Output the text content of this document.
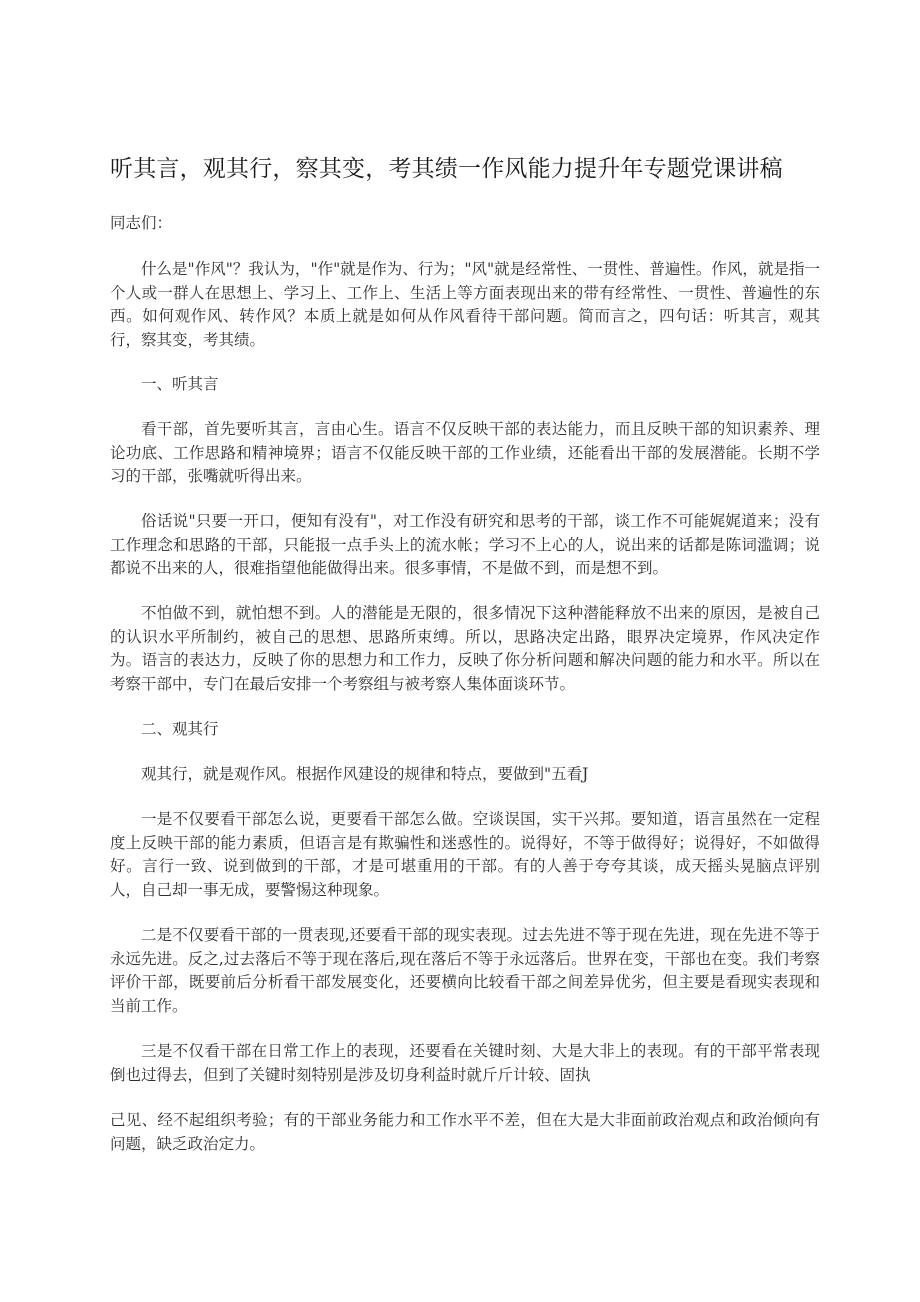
听其言，观其行，察其变，考其绩一作风能力提升年专题党课讲稿

同志们：

什么是"作风"？我认为，"作"就是作为、行为；"风"就是经常性、一贯性、普遍性。作风，就是指一个人或一群人在思想上、学习上、工作上、生活上等方面表现出来的带有经常性、一贯性、普遍性的东西。如何观作风、转作风？本质上就是如何从作风看待干部问题。简而言之，四句话：听其言，观其行，察其变，考其绩。

一、听其言

看干部，首先要听其言，言由心生。语言不仅反映干部的表达能力，而且反映干部的知识素养、理论功底、工作思路和精神境界；语言不仅能反映干部的工作业绩，还能看出干部的发展潜能。长期不学习的干部，张嘴就听得出来。

俗话说"只要一开口，便知有没有"，对工作没有研究和思考的干部，谈工作不可能娓娓道来；没有工作理念和思路的干部，只能报一点手头上的流水帐；学习不上心的人，说出来的话都是陈词滥调；说都说不出来的人，很难指望他能做得出来。很多事情，不是做不到，而是想不到。

不怕做不到，就怕想不到。人的潜能是无限的，很多情况下这种潜能释放不出来的原因，是被自己的认识水平所制约，被自己的思想、思路所束缚。所以，思路决定出路，眼界决定境界，作风决定作为。语言的表达力，反映了你的思想力和工作力，反映了你分析问题和解决问题的能力和水平。所以在考察干部中，专门在最后安排一个考察组与被考察人集体面谈环节。

二、观其行

观其行，就是观作风。根据作风建设的规律和特点，要做到"五看J

一是不仅要看干部怎么说，更要看干部怎么做。空谈误国，实干兴邦。要知道，语言虽然在一定程度上反映干部的能力素质，但语言是有欺骗性和迷惑性的。说得好，不等于做得好；说得好，不如做得好。言行一致、说到做到的干部，才是可堪重用的干部。有的人善于夸夸其谈，成天摇头晃脑点评别人，自己却一事无成，要警惕这种现象。

二是不仅要看干部的一贯表现,还要看干部的现实表现。过去先进不等于现在先进，现在先进不等于永远先进。反之,过去落后不等于现在落后,现在落后不等于永远落后。世界在变，干部也在变。我们考察评价干部，既要前后分析看干部发展变化，还要横向比较看干部之间差异优劣，但主要是看现实表现和当前工作。

三是不仅看干部在日常工作上的表现，还要看在关键时刻、大是大非上的表现。有的干部平常表现倒也过得去，但到了关键时刻特别是涉及切身利益时就斤斤计较、固执

己见、经不起组织考验；有的干部业务能力和工作水平不差，但在大是大非面前政治观点和政治倾向有问题，缺乏政治定力。
